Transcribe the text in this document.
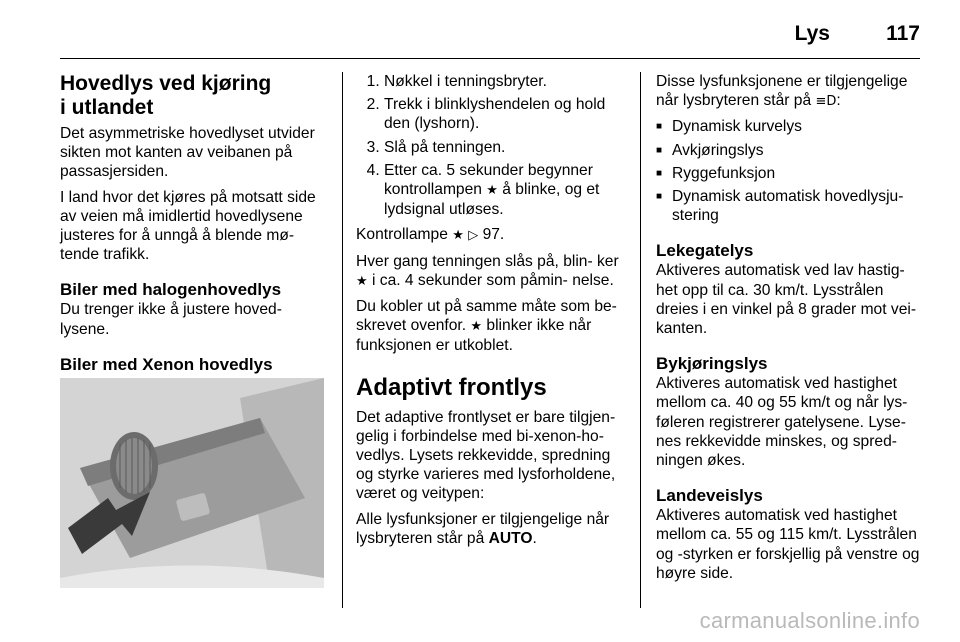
Lys	117
Hovedlys ved kjøring
i utlandet

Det asymmetriske hovedlyset utvider sikten mot kanten av veibanen på passasjersiden.

I land hvor det kjøres på motsatt side av veien må imidlertid hovedlysene justeres for å unngå å blende mø- tende trafikk.

Biler med halogenhovedlys

Du trenger ikke å justere hoved- lysene.

Biler med Xenon hovedlys
1. Nøkkel i tenningsbryter.
2. Trekk i blinklyshendelen og hold den (lyshorn).
3. Slå på tenningen.
4. Etter ca. 5 sekunder begynner kontrollampen ★ å blinke, og et lydsignal utløses.

Kontrollampe ★ ▷ 97.

Hver gang tenningen slås på, blin- ker ★ i ca. 4 sekunder som påmin- nelse.

Du kobler ut på samme måte som be- skrevet ovenfor. ★ blinker ikke når funksjonen er utkoblet.

Adaptivt frontlys

Det adaptive frontlyset er bare tilgjen- gelig i forbindelse med bi-xenon-ho- vedlys. Lysets rekkevidde, spredning og styrke varieres med lysforholdene, været og veitypen:

Alle lysfunksjoner er tilgjengelige når lysbryteren står på AUTO.

Disse lysfunksjonene er tilgjengelige når lysbryteren står på ≡D:

■ Dynamisk kurvelys
■ Avkjøringslys
■ Ryggefunksjon
■ Dynamisk automatisk hovedlysju- stering
Lekegatelys

Aktiveres automatisk ved lav hastig- het opp til ca. 30 km/t. Lysstrålen dreies i en vinkel på 8 grader mot vei- kanten.

Bykjøringslys

Aktiveres automatisk ved hastighet mellom ca. 40 og 55 km/t og når lys- føleren registrerer gatelysene. Lyse- nes rekkevidde minskes, og spred- ningen økes.

Landeveislys

Aktiveres automatisk ved hastighet mellom ca. 55 og 115 km/t. Lysstrålen og -styrken er forskjellig på venstre og høyre side.

carmanualsonline.info
